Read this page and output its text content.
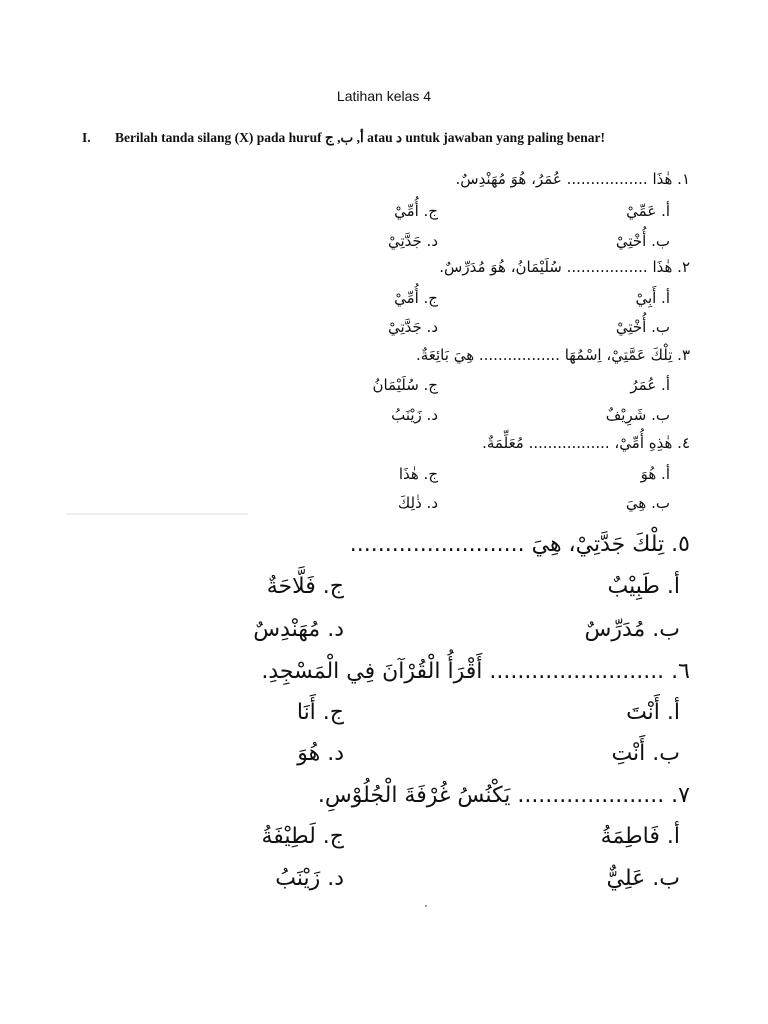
Latihan kelas 4
I. Berilah tanda silang (X) pada huruf أ, ب, ج atau د untuk jawaban yang paling benar!
١. هٰذَا ................. عُمَرُ، هُوَ مُهَنْدِسٌ.
أ. عَمِّيْ
ج. أُمِّيْ
ب. أُخْتِيْ
د. جَدَّتِيْ
٢. هٰذَا ................. سُلَيْمَانُ، هُوَ مُدَرِّسٌ.
أ. أَبِيْ
ج. أُمِّيْ
ب. أُخْتِيْ
د. جَدَّتِيْ
٣. تِلْكَ عَمَّتِيْ، اِسْمُهَا ................. هِيَ بَائِعَةٌ.
أ. عُمَرُ
ج. سُلَيْمَانُ
ب. شَرِيْفٌ
د. زَيْنَبُ
٤. هٰذِهِ أُمِّيْ، ................. مُعَلِّمَةٌ.
أ. هُوَ
ج. هٰذَا
ب. هِيَ
د. ذٰلِكَ
٥. تِلْكَ جَدَّتِيْ، هِيَ .........................
أ. طَبِيْبٌ
ج. فَلَّاحَةٌ
ب. مُدَرِّسٌ
د. مُهَنْدِسٌ
٦. ......................... أَقْرَأُ الْقُرْآنَ فِي الْمَسْجِدِ.
أ. أَنْتَ
ج. أَنَا
ب. أَنْتِ
د. هُوَ
٧. ..................... يَكْنُسُ غُرْفَةَ الْجُلُوْسِ.
أ. فَاطِمَةُ
ج. لَطِيْفَةُ
ب. عَلِيٌّ
د. زَيْنَبُ
